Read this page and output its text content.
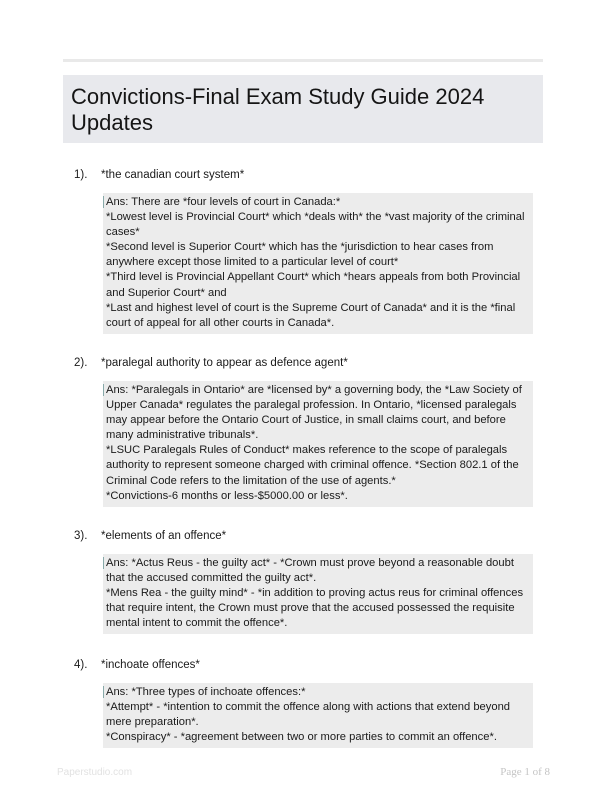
Convictions-Final Exam Study Guide 2024 Updates
1). *the canadian court system*
Ans: There are *four levels of court in Canada:*
*Lowest level is Provincial Court* which *deals with* the *vast majority of the criminal cases*
*Second level is Superior Court* which has the *jurisdiction to hear cases from anywhere except those limited to a particular level of court*
*Third level is Provincial Appellant Court* which *hears appeals from both Provincial and Superior Court* and
*Last and highest level of court is the Supreme Court of Canada* and it is the *final court of appeal for all other courts in Canada*.
2). *paralegal authority to appear as defence agent*
Ans: *Paralegals in Ontario* are *licensed by* a governing body, the *Law Society of Upper Canada* regulates the paralegal profession. In Ontario, *licensed paralegals may appear before the Ontario Court of Justice, in small claims court, and before many administrative tribunals*.
*LSUC Paralegals Rules of Conduct* makes reference to the scope of paralegals authority to represent someone charged with criminal offence. *Section 802.1 of the Criminal Code refers to the limitation of the use of agents.*
*Convictions-6 months or less-$5000.00 or less*.
3). *elements of an offence*
Ans: *Actus Reus - the guilty act* - *Crown must prove beyond a reasonable doubt that the accused committed the guilty act*.
*Mens Rea - the guilty mind* - *in addition to proving actus reus for criminal offences that require intent, the Crown must prove that the accused possessed the requisite mental intent to commit the offence*.
4). *inchoate offences*
Ans: *Three types of inchoate offences:*
*Attempt* - *intention to commit the offence along with actions that extend beyond mere preparation*.
*Conspiracy* - *agreement between two or more parties to commit an offence*.
Paperstudio.com	Page 1 of 8
